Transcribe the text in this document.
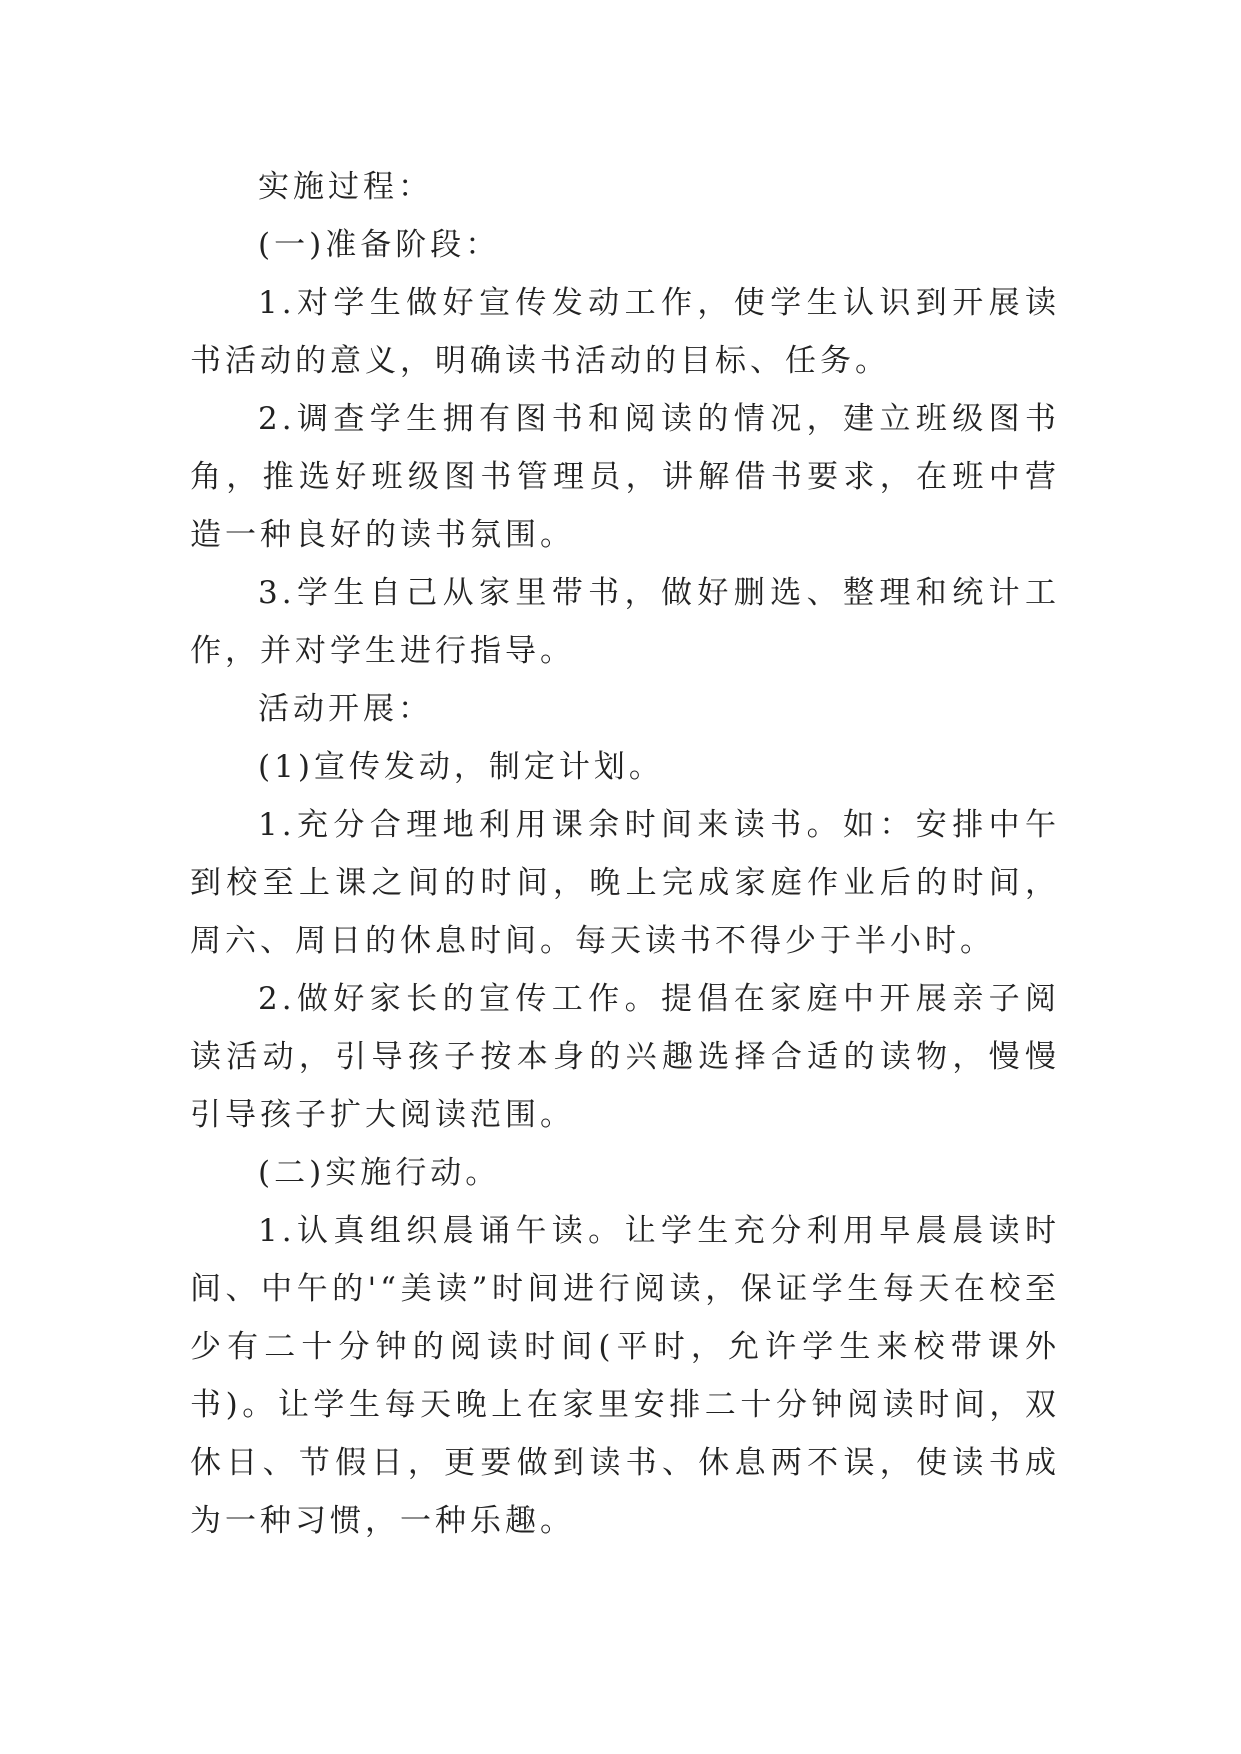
实施过程：

(一)准备阶段：

1.对学生做好宣传发动工作，使学生认识到开展读书活动的意义，明确读书活动的目标、任务。

2.调查学生拥有图书和阅读的情况，建立班级图书角，推选好班级图书管理员，讲解借书要求，在班中营造一种良好的读书氛围。

3.学生自己从家里带书，做好删选、整理和统计工作，并对学生进行指导。

活动开展：

(1)宣传发动，制定计划。

1.充分合理地利用课余时间来读书。如：安排中午到校至上课之间的时间，晚上完成家庭作业后的时间，周六、周日的休息时间。每天读书不得少于半小时。

2.做好家长的宣传工作。提倡在家庭中开展亲子阅读活动，引导孩子按本身的兴趣选择合适的读物，慢慢引导孩子扩大阅读范围。

(二)实施行动。

1.认真组织晨诵午读。让学生充分利用早晨晨读时间、中午的'“美读”时间进行阅读，保证学生每天在校至少有二十分钟的阅读时间(平时，允许学生来校带课外书)。让学生每天晚上在家里安排二十分钟阅读时间，双休日、节假日，更要做到读书、休息两不误，使读书成为一种习惯，一种乐趣。
